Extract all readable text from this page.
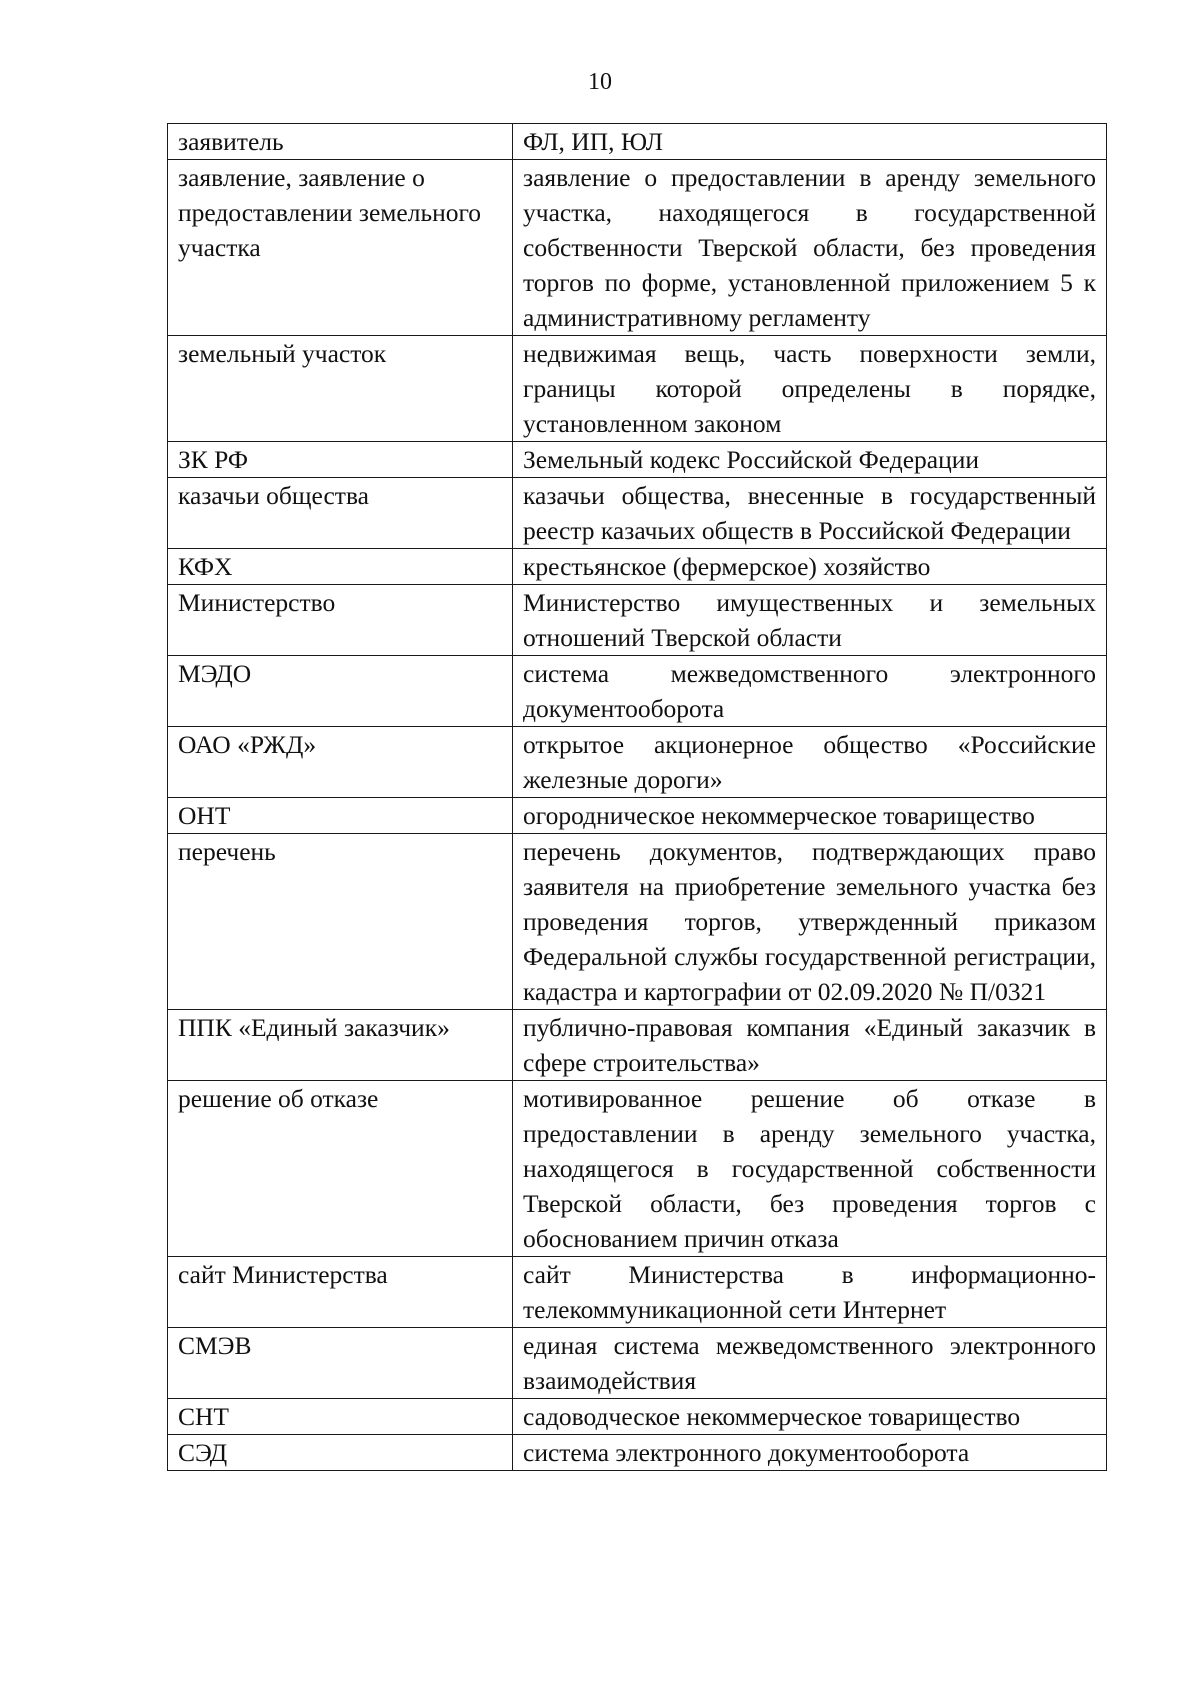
10
заявитель	ФЛ, ИП, ЮЛ
заявление, заявление о предоставлении земельного участка	заявление о предоставлении в аренду земельного участка, находящегося в государственной собственности Тверской области, без проведения торгов по форме, установленной приложением 5 к административному регламенту
земельный участок	недвижимая вещь, часть поверхности земли, границы которой определены в порядке, установленном законом
ЗК РФ	Земельный кодекс Российской Федерации
казачьи общества	казачьи общества, внесенные в государственный реестр казачьих обществ в Российской Федерации
КФХ	крестьянское (фермерское) хозяйство
Министерство	Министерство имущественных и земельных отношений Тверской области
МЭДО	система межведомственного электронного документооборота
ОАО «РЖД»	открытое акционерное общество «Российские железные дороги»
ОНТ	огородническое некоммерческое товарищество
перечень	перечень документов, подтверждающих право заявителя на приобретение земельного участка без проведения торгов, утвержденный приказом Федеральной службы государственной регистрации, кадастра и картографии от 02.09.2020 № П/0321
ППК «Единый заказчик»	публично-правовая компания «Единый заказчик в сфере строительства»
решение об отказе	мотивированное решение об отказе в предоставлении в аренду земельного участка, находящегося в государственной собственности Тверской области, без проведения торгов с обоснованием причин отказа
сайт Министерства	сайт Министерства в информационно-телекоммуникационной сети Интернет
СМЭВ	единая система межведомственного электронного взаимодействия
СНТ	садоводческое некоммерческое товарищество
СЭД	система электронного документооборота
